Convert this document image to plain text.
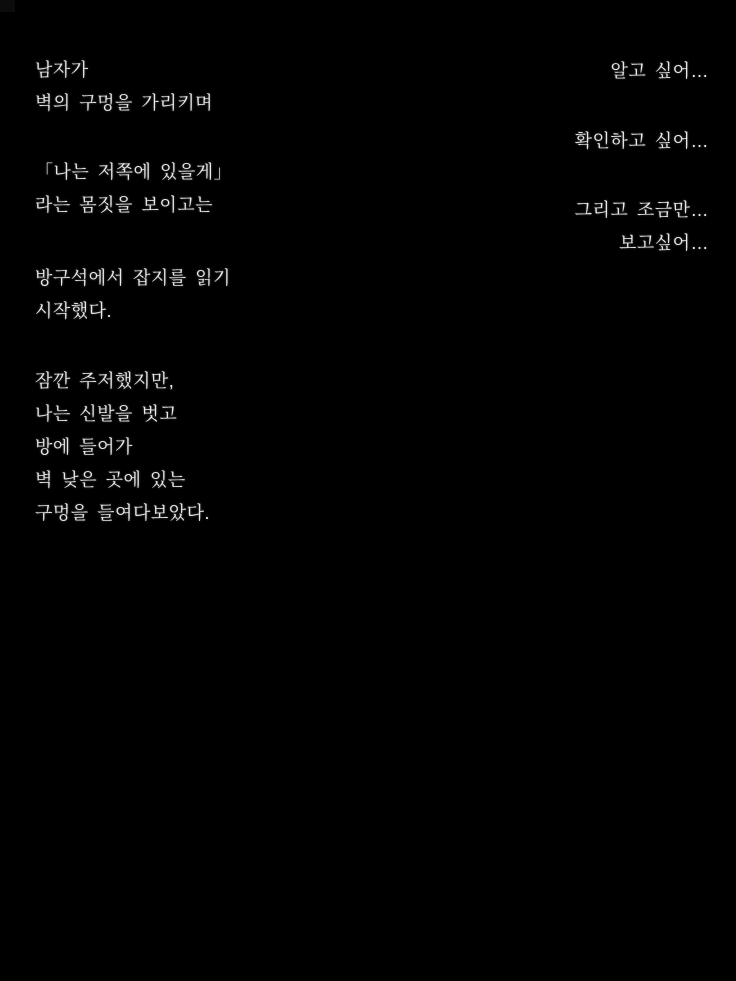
남자가
벽의 구멍을 가리키며

「나는 저쪽에 있을게」
라는 몸짓을 보이고는

방구석에서 잡지를 읽기
시작했다.

잠깐 주저했지만,
나는 신발을 벗고
방에 들어가
벽 낮은 곳에 있는
구멍을 들여다보았다.

알고 싶어…

확인하고 싶어…

그리고 조금만…
보고싶어…
